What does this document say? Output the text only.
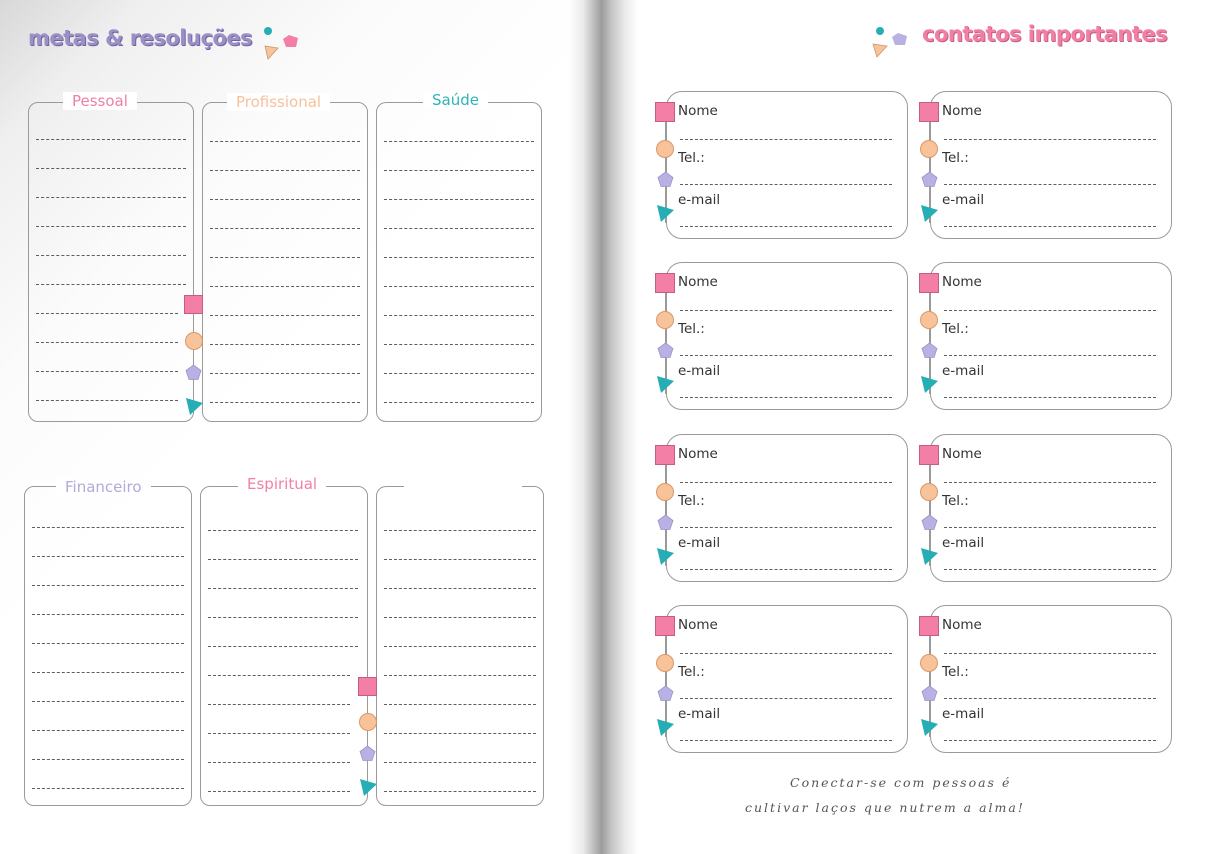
metas & resoluções	contatos importantes
Pessoal	Profissional	Saúde
Financeiro	Espiritual
Nome
Tel.:
e-mail
Nome
Tel.:
e-mail
Nome
Tel.:
e-mail
Nome
Tel.:
e-mail
Nome
Tel.:
e-mail
Nome
Tel.:
e-mail
Nome
Tel.:
e-mail
Nome
Tel.:
e-mail
Conectar-se com pessoas é
cultivar laços que nutrem a alma!
